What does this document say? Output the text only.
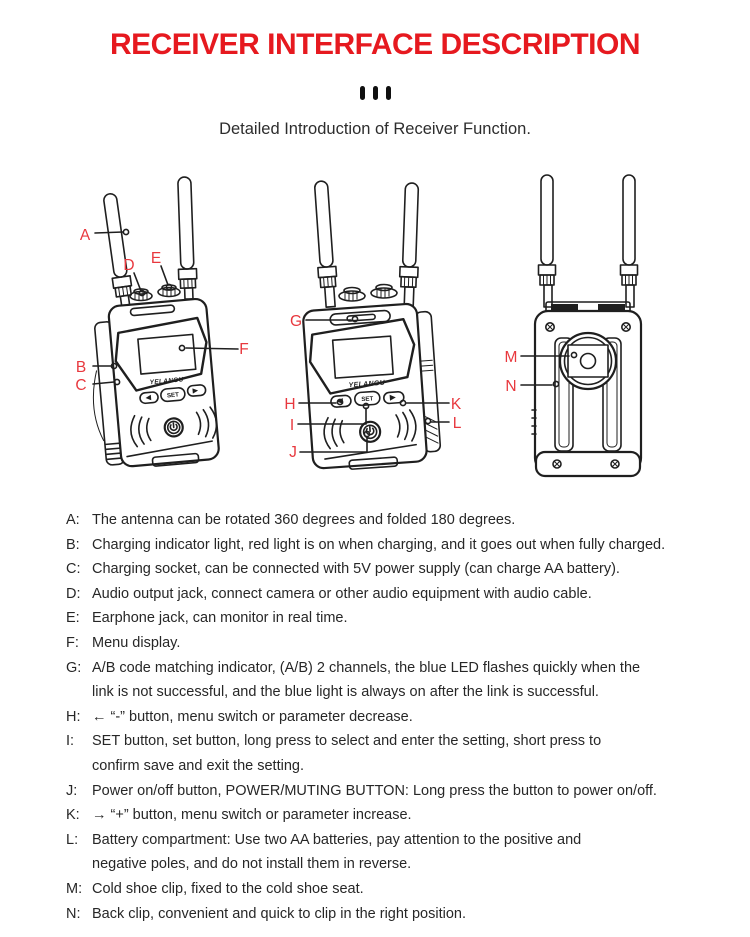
RECEIVER INTERFACE DESCRIPTION

Detailed Introduction of Receiver Function.

YELANGU
SET
YELANGU
SET
A
D E
B
C
F
G
H
I
J
K
L
M
N
A: The antenna can be rotated 360 degrees and folded 180 degrees.
B: Charging indicator light, red light is on when charging, and it goes out when fully charged.
C: Charging socket, can be connected with 5V power supply (can charge AA battery).
D: Audio output jack, connect camera or other audio equipment with audio cable.
E: Earphone jack, can monitor in real time.
F: Menu display.
G: A/B code matching indicator, (A/B) 2 channels, the blue LED flashes quickly when the
link is not successful, and the blue light is always on after the link is successful.
H: ← “-” button, menu switch or parameter decrease.
I:	SET button, set button, long press to select and enter the setting, short press to
confirm save and exit the setting.
J:	Power on/off button, POWER/MUTING BUTTON: Long press the button to power on/off.
K: → “+” button, menu switch or parameter increase.
L: Battery compartment: Use two AA batteries, pay attention to the positive and
negative poles, and do not install them in reverse.
M: Cold shoe clip, fixed to the cold shoe seat.
N: Back clip, convenient and quick to clip in the right position.
